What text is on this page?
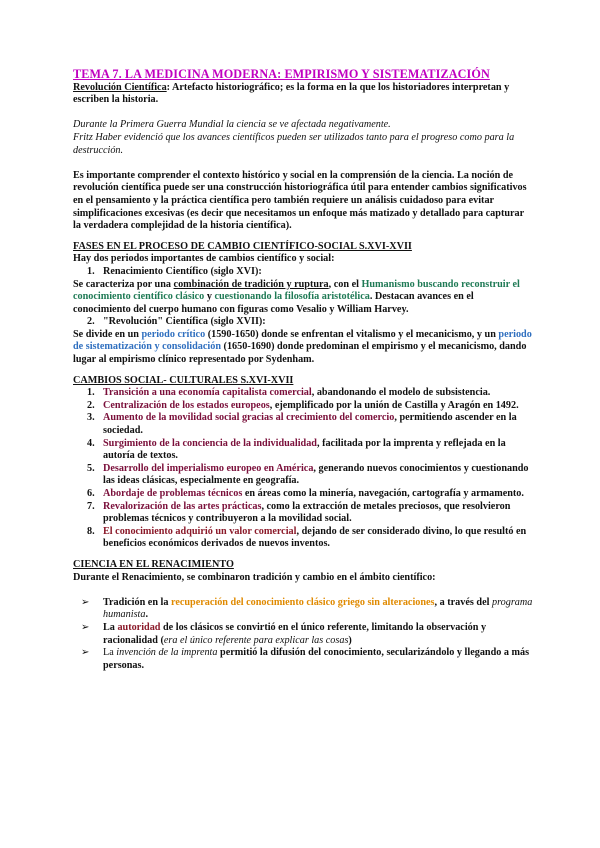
TEMA 7. LA MEDICINA MODERNA: EMPIRISMO Y SISTEMATIZACIÓN

Revolución Científica: Artefacto historiográfico; es la forma en la que los historiadores interpretan y escriben la historia.

Durante la Primera Guerra Mundial la ciencia se ve afectada negativamente.

Fritz Haber evidenció que los avances científicos pueden ser utilizados tanto para el progreso como para la destrucción.

Es importante comprender el contexto histórico y social en la comprensión de la ciencia. La noción de revolución científica puede ser una construcción historiográfica útil para entender cambios significativos en el pensamiento y la práctica científica pero también requiere un análisis cuidadoso para evitar simplificaciones excesivas (es decir que necesitamos un enfoque más matizado y detallado para capturar la verdadera complejidad de la historia científica).

FASES EN EL PROCESO DE CAMBIO CIENTÍFICO-SOCIAL S.XVI-XVII

Hay dos periodos importantes de cambios científico y social:

1. Renacimiento Científico (siglo XVI):

Se caracteriza por una combinación de tradición y ruptura, con el Humanismo buscando reconstruir el conocimiento científico clásico y cuestionando la filosofía aristotélica. Destacan avances en el conocimiento del cuerpo humano con figuras como Vesalio y William Harvey.

2. "Revolución" Científica (siglo XVII):

Se divide en un periodo crítico (1590-1650) donde se enfrentan el vitalismo y el mecanicismo, y un periodo de sistematización y consolidación (1650-1690) donde predominan el empirismo y el mecanicismo, dando lugar al empirismo clínico representado por Sydenham.

CAMBIOS SOCIAL- CULTURALES S.XVI-XVII

1. Transición a una economía capitalista comercial, abandonando el modelo de subsistencia.
2. Centralización de los estados europeos, ejemplificado por la unión de Castilla y Aragón en 1492.
3. Aumento de la movilidad social gracias al crecimiento del comercio, permitiendo ascender en la sociedad.
4. Surgimiento de la conciencia de la individualidad, facilitada por la imprenta y reflejada en la autoría de textos.
5. Desarrollo del imperialismo europeo en América, generando nuevos conocimientos y cuestionando las ideas clásicas, especialmente en geografía.
6. Abordaje de problemas técnicos en áreas como la minería, navegación, cartografía y armamento.
7. Revalorización de las artes prácticas, como la extracción de metales preciosos, que resolvieron problemas técnicos y contribuyeron a la movilidad social.
8. El conocimiento adquirió un valor comercial, dejando de ser considerado divino, lo que resultó en beneficios económicos derivados de nuevos inventos.

CIENCIA EN EL RENACIMIENTO

Durante el Renacimiento, se combinaron tradición y cambio en el ámbito científico:

➢ Tradición en la recuperación del conocimiento clásico griego sin alteraciones, a través del programa humanista.
➢ La autoridad de los clásicos se convirtió en el único referente, limitando la observación y racionalidad (era el único referente para explicar las cosas)
➢ La invención de la imprenta permitió la difusión del conocimiento, secularizándolo y llegando a más personas.
